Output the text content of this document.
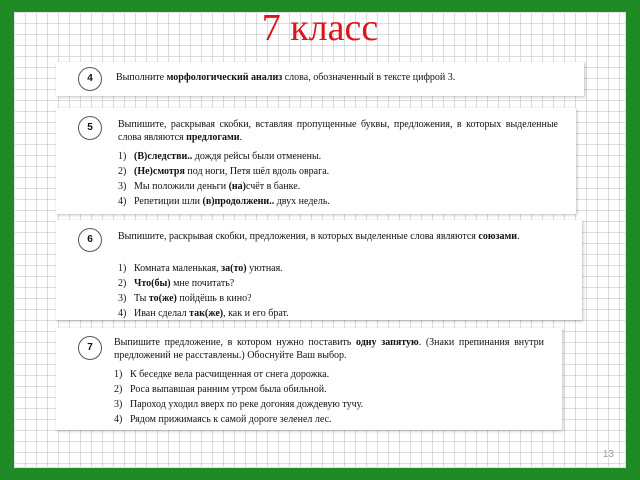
7 класс
4	Выполните морфологический анализ слова, обозначенный в тексте цифрой 3.
5	Выпишите, раскрывая скобки, вставляя пропущенные буквы, предложения, в которых выделенные слова являются предлогами.
1) (В)следстви.. дождя рейсы были отменены.
2) (Не)смотря под ноги, Петя шёл вдоль оврага.
3) Мы положили деньги (на)счёт в банке.
4) Репетиции шли (в)продолжени.. двух недель.
6	Выпишите, раскрывая скобки, предложения, в которых выделенные слова являются союзами.
1) Комната маленькая, за(то) уютная.
2) Что(бы) мне почитать?
3) Ты то(же) пойдёшь в кино?
4) Иван сделал так(же), как и его брат.
7	Выпишите предложение, в котором нужно поставить одну запятую. (Знаки препинания внутри предложений не расставлены.) Обоснуйте Ваш выбор.
1) К беседке вела расчищенная от снега дорожка.
2) Роса выпавшая ранним утром была обильной.
3) Пароход уходил вверх по реке догоняя дождевую тучу.
4) Рядом прижимаясь к самой дороге зеленел лес.
13
